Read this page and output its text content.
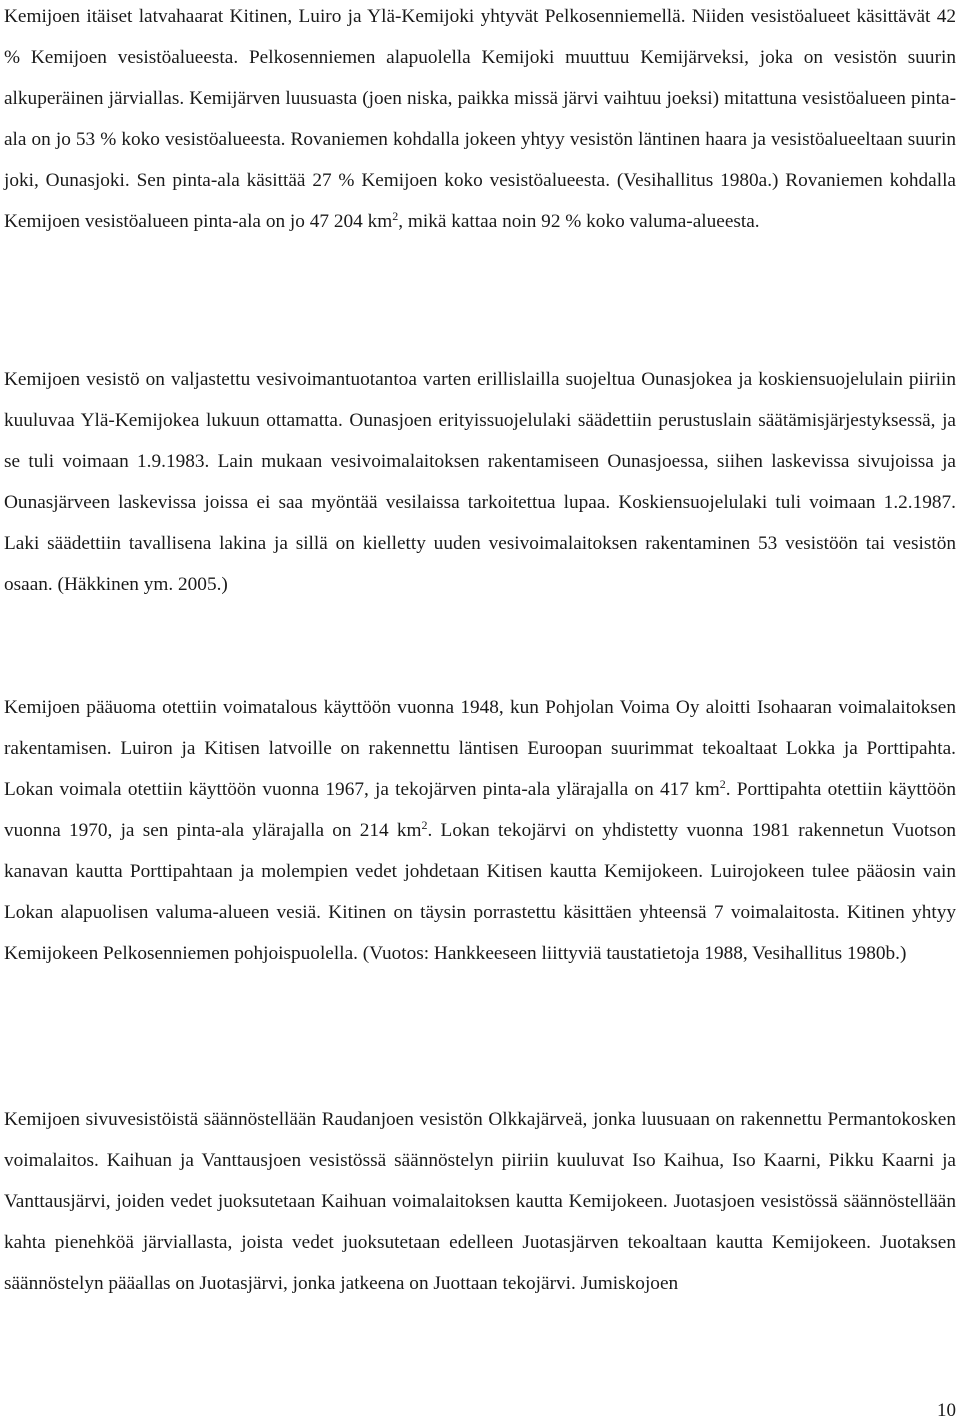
Kemijoen itäiset latvahaarat Kitinen, Luiro ja Ylä-Kemijoki yhtyvät Pelkosenniemellä. Niiden vesistöalueet käsittävät 42 % Kemijoen vesistöalueesta. Pelkosenniemen alapuolella Kemijoki muuttuu Kemijärveksi, joka on vesistön suurin alkuperäinen järviallas. Kemijärven luusuasta (joen niska, paikka missä järvi vaihtuu joeksi) mitattuna vesistöalueen pinta-ala on jo 53 % koko vesistöalueesta. Rovaniemen kohdalla jokeen yhtyy vesistön läntinen haara ja vesistöalueeltaan suurin joki, Ounasjoki. Sen pinta-ala käsittää 27 % Kemijoen koko vesistöalueesta. (Vesihallitus 1980a.) Rovaniemen kohdalla Kemijoen vesistöalueen pinta-ala on jo 47 204 $km^2$, mikä kattaa noin 92 % koko valuma-alueesta.

Kemijoen vesistö on valjastettu vesivoimantuotantoa varten erillislailla suojeltua Ounasjokea ja koskiensuojelulain piiriin kuuluvaa Ylä-Kemijokea lukuun ottamatta. Ounasjoen erityissuojelulaki säädettiin perustuslain säätämisjärjestyksessä, ja se tuli voimaan 1.9.1983. Lain mukaan vesivoimalaitoksen rakentamiseen Ounasjoessa, siihen laskevissa sivujoissa ja Ounasjärveen laskevissa joissa ei saa myöntää vesilaissa tarkoitettua lupaa. Koskiensuojelulaki tuli voimaan 1.2.1987. Laki säädettiin tavallisena lakina ja sillä on kielletty uuden vesivoimalaitoksen rakentaminen 53 vesistöön tai vesistön osaan. (Häkkinen ym. 2005.)

Kemijoen pääuoma otettiin voimatalous käyttöön vuonna 1948, kun Pohjolan Voima Oy aloitti Isohaaran voimalaitoksen rakentamisen. Luiron ja Kitisen latvoille on rakennettu läntisen Euroopan suurimmat tekoaltaat Lokka ja Porttipahta. Lokan voimala otettiin käyttöön vuonna 1967, ja tekojärven pinta-ala ylärajalla on 417 $km^2$. Porttipahta otettiin käyttöön vuonna 1970, ja sen pinta-ala ylärajalla on 214 $km^2$. Lokan tekojärvi on yhdistetty vuonna 1981 rakennetun Vuotson kanavan kautta Porttipahtaan ja molempien vedet johdetaan Kitisen kautta Kemijokeen. Luirojokeen tulee pääosin vain Lokan alapuolisen valuma-alueen vesiä. Kitinen on täysin porrastettu käsittäen yhteensä 7 voimalaitosta. Kitinen yhtyy Kemijokeen Pelkosenniemen pohjoispuolella. (Vuotos: Hankkeeseen liittyviä taustatietoja 1988, Vesihallitus 1980b.)

Kemijoen sivuvesistöistä säännöstellään Raudanjoen vesistön Olkkajärveä, jonka luusuaan on rakennettu Permantokosken voimalaitos. Kaihuan ja Vanttausjoen vesistössä säännöstelyn piiriin kuuluvat Iso Kaihua, Iso Kaarni, Pikku Kaarni ja Vanttausjärvi, joiden vedet juoksutetaan Kaihuan voimalaitoksen kautta Kemijokeen. Juotasjoen vesistössä säännöstellään kahta pienehköä järviallasta, joista vedet juoksutetaan edelleen Juotasjärven tekoaltaan kautta Kemijokeen. Juotaksen säännöstelyn pääallas on Juotasjärvi, jonka jatkeena on Juottaan tekojärvi. Jumiskojoen

10
